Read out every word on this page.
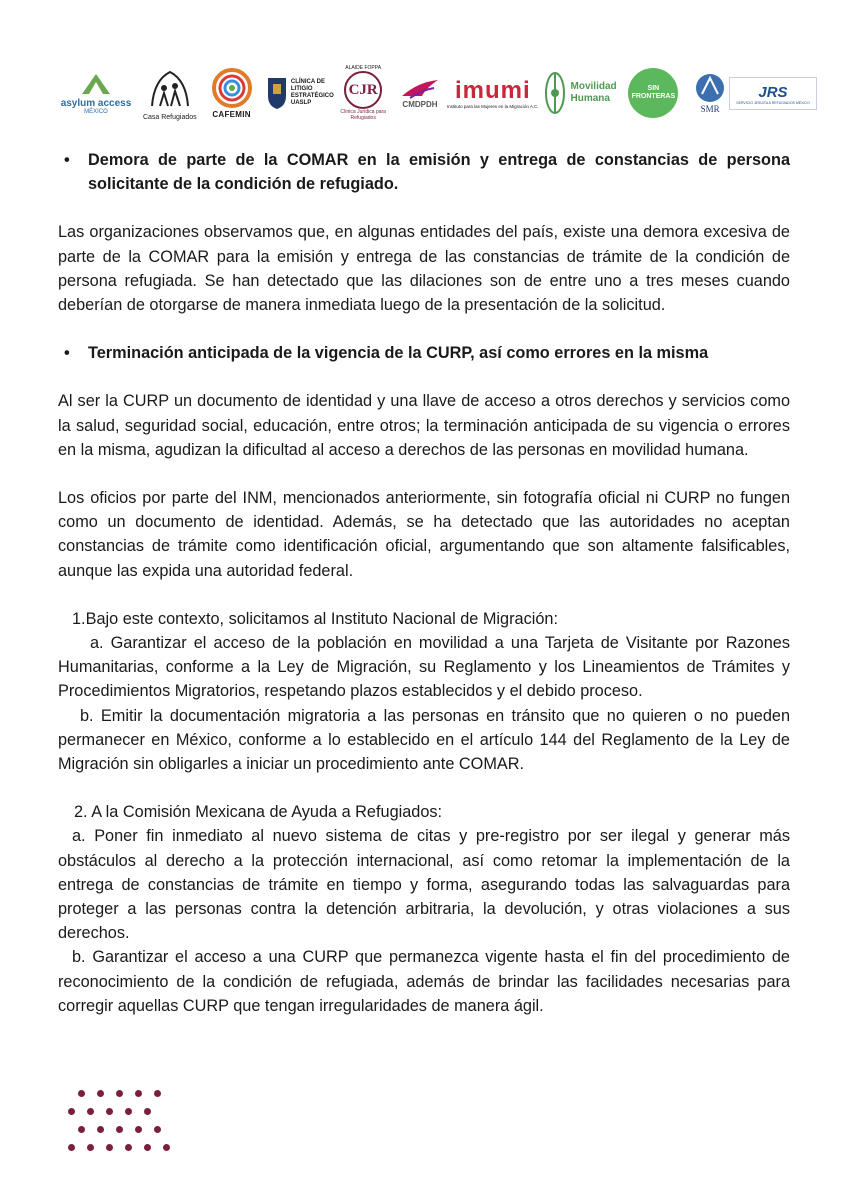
asylum access
MÉXICO
Casa Refugiados CAFEMIN
CLÍNICA DE LITIGIO ESTRATÉGICO UASLP
ALAIDE FOPPA
CJR
Clínica Jurídica para Refugiados
CMDPDH
imumi
Instituto para las Mujeres en la Migración A.C.
Movilidad
Humana
SIN FRONTERAS
SMR
JRS
SERVICIO JESUITA A REFUGIADOS MÉXICO
•	Demora de parte de la COMAR en la emisión y entrega de constancias de persona solicitante de la condición de refugiado.

Las organizaciones observamos que, en algunas entidades del país, existe una demora excesiva de parte de la COMAR para la emisión y entrega de las constancias de trámite de la condición de persona refugiada. Se han detectado que las dilaciones son de entre uno a tres meses cuando deberían de otorgarse de manera inmediata luego de la presentación de la solicitud.

•	Terminación anticipada de la vigencia de la CURP, así como errores en la misma

Al ser la CURP un documento de identidad y una llave de acceso a otros derechos y servicios como la salud, seguridad social, educación, entre otros; la terminación anticipada de su vigencia o errores en la misma, agudizan la dificultad al acceso a derechos de las personas en movilidad humana.

Los oficios por parte del INM, mencionados anteriormente, sin fotografía oficial ni CURP no fungen como un documento de identidad. Además, se ha detectado que las autoridades no aceptan constancias de trámite como identificación oficial, argumentando que son altamente falsificables, aunque las expida una autoridad federal.

1.Bajo este contexto, solicitamos al Instituto Nacional de Migración:

a. Garantizar el acceso de la población en movilidad a una Tarjeta de Visitante por Razones Humanitarias, conforme a la Ley de Migración, su Reglamento y los Lineamientos de Trámites y Procedimientos Migratorios, respetando plazos establecidos y el debido proceso.

b. Emitir la documentación migratoria a las personas en tránsito que no quieren o no pueden permanecer en México, conforme a lo establecido en el artículo 144 del Reglamento de la Ley de Migración sin obligarles a iniciar un procedimiento ante COMAR.

2. A la Comisión Mexicana de Ayuda a Refugiados:

a. Poner fin inmediato al nuevo sistema de citas y pre-registro por ser ilegal y generar más obstáculos al derecho a la protección internacional, así como retomar la implementación de la entrega de constancias de trámite en tiempo y forma, asegurando todas las salvaguardas para proteger a las personas contra la detención arbitraria, la devolución, y otras violaciones a sus derechos.

b. Garantizar el acceso a una CURP que permanezca vigente hasta el fin del procedimiento de reconocimiento de la condición de refugiada, además de brindar las facilidades necesarias para corregir aquellas CURP que tengan irregularidades de manera ágil.
